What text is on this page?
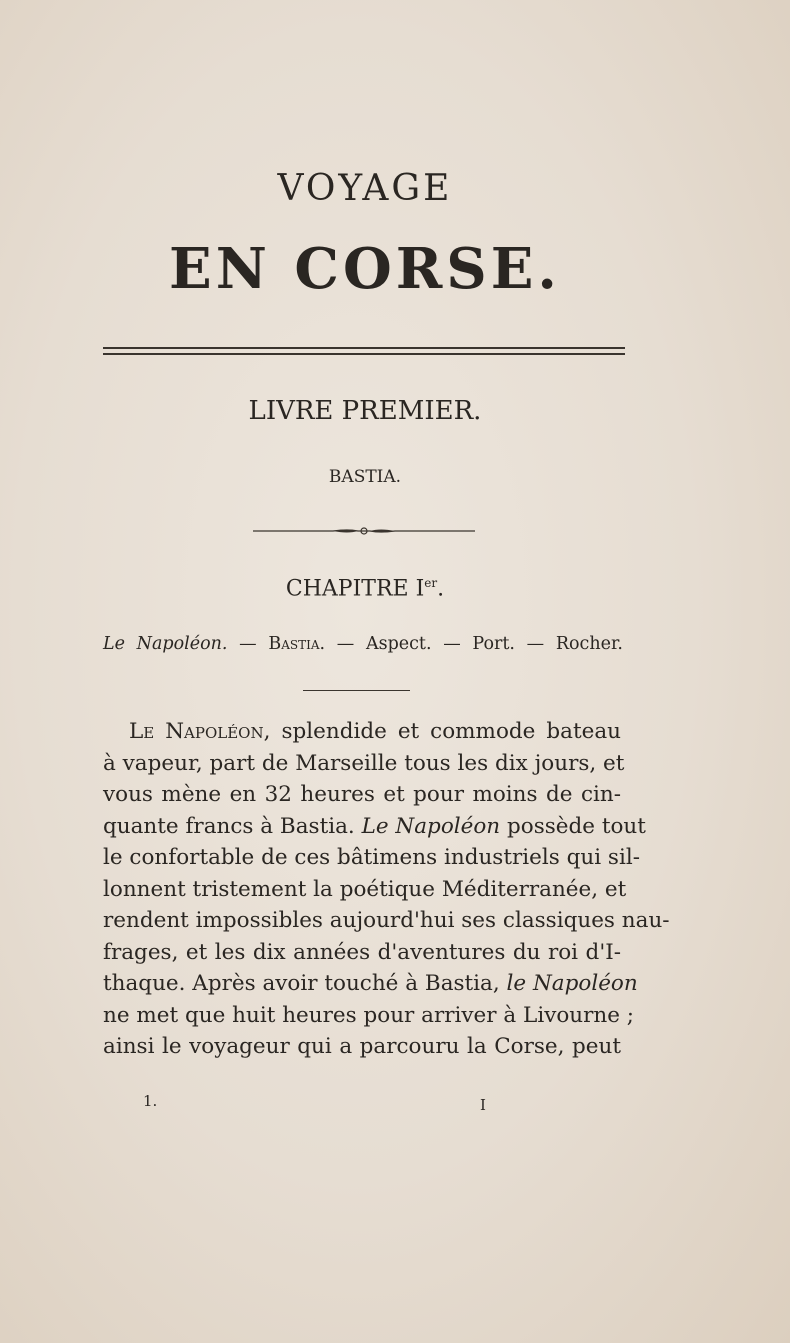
VOYAGE
EN CORSE.
LIVRE PREMIER.
BASTIA.
CHAPITRE Ier.
Le Napoléon. — Bastia. — Aspect. — Port. — Rocher.
Le Napoléon, splendide et commode bateau
à vapeur, part de Marseille tous les dix jours, et
vous mène en 32 heures et pour moins de cin-
quante francs à Bastia. Le Napoléon possède tout
le confortable de ces bâtimens industriels qui sil-
lonnent tristement la poétique Méditerranée, et
rendent impossibles aujourd'hui ses classiques nau-
frages, et les dix années d'aventures du roi d'I-
thaque. Après avoir touché à Bastia, le Napoléon
ne met que huit heures pour arriver à Livourne ;
ainsi le voyageur qui a parcouru la Corse, peut
1.	I
